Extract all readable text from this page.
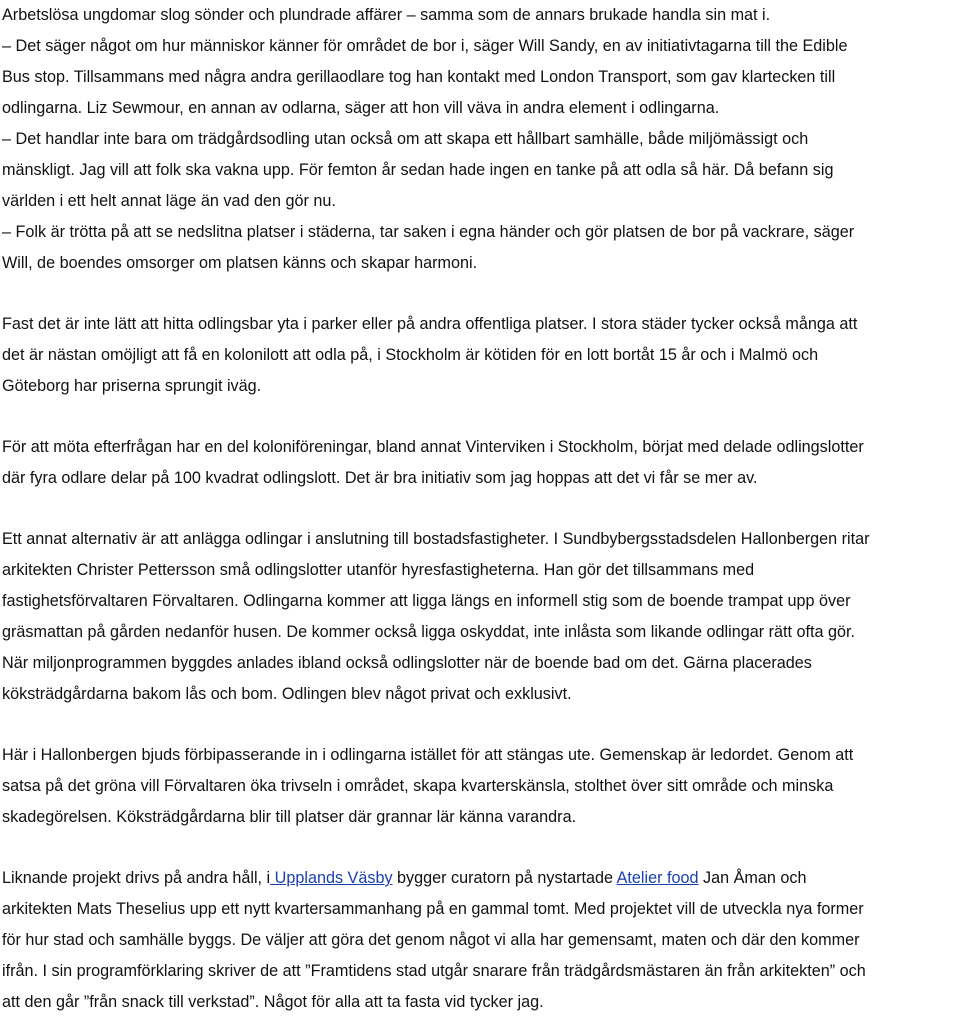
Arbetslösa ungdomar slog sönder och plundrade affärer – samma som de annars brukade handla sin mat i.
– Det säger något om hur människor känner för området de bor i, säger Will Sandy, en av initiativtagarna till the Edible
Bus stop. Tillsammans med några andra gerillaodlare tog han kontakt med London Transport, som gav klartecken till
odlingarna. Liz Sewmour, en annan av odlarna, säger att hon vill väva in andra element i odlingarna.
– Det handlar inte bara om trädgårdsodling utan också om att skapa ett hållbart samhälle, både miljömässigt och
mänskligt. Jag vill att folk ska vakna upp. För femton år sedan hade ingen en tanke på att odla så här. Då befann sig
världen i ett helt annat läge än vad den gör nu.
– Folk är trötta på att se nedslitna platser i städerna, tar saken i egna händer och gör platsen de bor på vackrare, säger
Will, de boendes omsorger om platsen känns och skapar harmoni.
Fast det är inte lätt att hitta odlingsbar yta i parker eller på andra offentliga platser. I stora städer tycker också många att
det är nästan omöjligt att få en kolonilott att odla på, i Stockholm är kötiden för en lott bortåt 15 år och i Malmö och
Göteborg har priserna sprungit iväg.
För att möta efterfrågan har en del koloniföreningar, bland annat Vinterviken i Stockholm, börjat med delade odlingslotter
där fyra odlare delar på 100 kvadrat odlingslott. Det är bra initiativ som jag hoppas att det vi får se mer av.
Ett annat alternativ är att anlägga odlingar i anslutning till bostadsfastigheter. I Sundbybergsstadsdelen Hallonbergen ritar
arkitekten Christer Pettersson små odlingslotter utanför hyresfastigheterna. Han gör det tillsammans med
fastighetsförvaltaren Förvaltaren. Odlingarna kommer att ligga längs en informell stig som de boende trampat upp över
gräsmattan på gården nedanför husen. De kommer också ligga oskyddat, inte inlåsta som likande odlingar rätt ofta gör.
När miljonprogrammen byggdes anlades ibland också odlingslotter när de boende bad om det. Gärna placerades
köksträdgårdarna bakom lås och bom. Odlingen blev något privat och exklusivt.
Här i Hallonbergen bjuds förbipasserande in i odlingarna istället för att stängas ute. Gemenskap är ledordet. Genom att
satsa på det gröna vill Förvaltaren öka trivseln i området, skapa kvarterskänsla, stolthet över sitt område och minska
skadegörelsen. Köksträdgårdarna blir till platser där grannar lär känna varandra.
Liknande projekt drivs på andra håll, i Upplands Väsby bygger curatorn på nystartade Atelier food Jan Åman och
arkitekten Mats Theselius upp ett nytt kvartersammanhang på en gammal tomt. Med projektet vill de utveckla nya former
för hur stad och samhälle byggs. De väljer att göra det genom något vi alla har gemensamt, maten och där den kommer
ifrån. I sin programförklaring skriver de att ”Framtidens stad utgår snarare från trädgårdsmästaren än från arkitekten” och
att den går ”från snack till verkstad”. Något för alla att ta fasta vid tycker jag.
